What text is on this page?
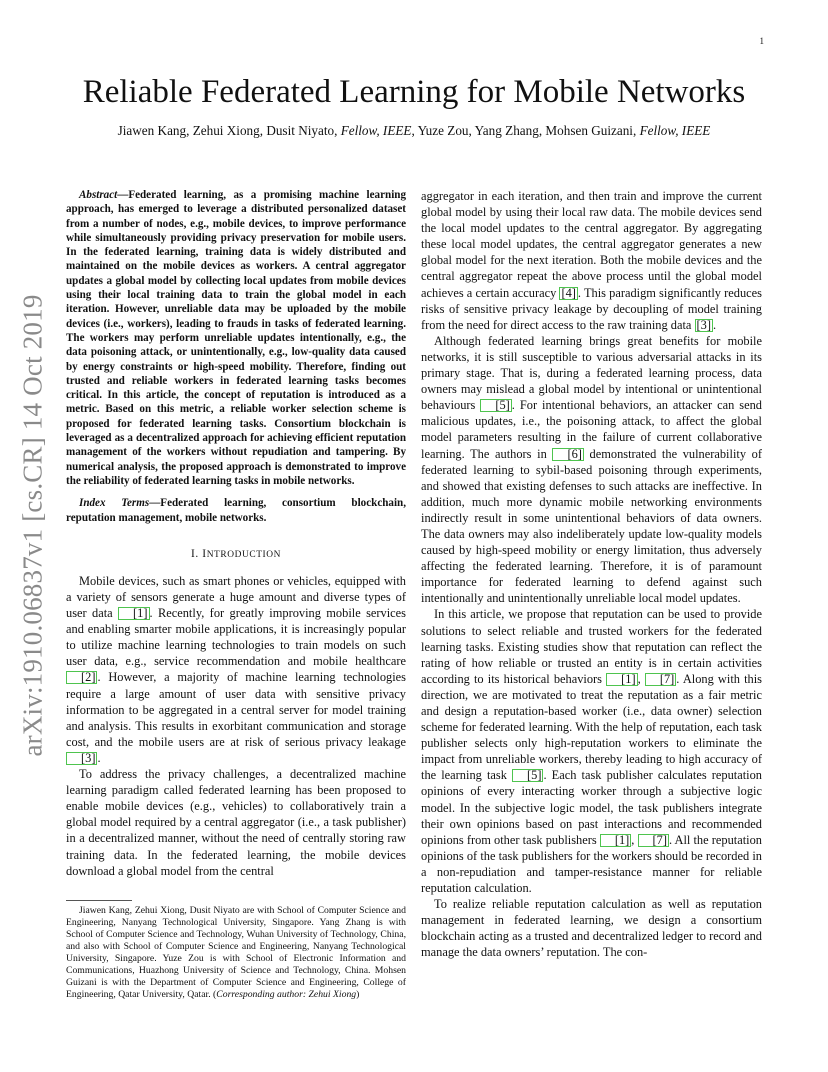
1
arXiv:1910.06837v1 [cs.CR] 14 Oct 2019
Reliable Federated Learning for Mobile Networks
Jiawen Kang, Zehui Xiong, Dusit Niyato, Fellow, IEEE, Yuze Zou, Yang Zhang, Mohsen Guizani, Fellow, IEEE

Abstract—Federated learning, as a promising machine learning approach, has emerged to leverage a distributed personalized dataset from a number of nodes, e.g., mobile devices, to improve performance while simultaneously providing privacy preservation for mobile users. In the federated learning, training data is widely distributed and maintained on the mobile devices as workers. A central aggregator updates a global model by collecting local updates from mobile devices using their local training data to train the global model in each iteration. However, unreliable data may be uploaded by the mobile devices (i.e., workers), leading to frauds in tasks of federated learning. The workers may perform unreliable updates intentionally, e.g., the data poisoning attack, or unintentionally, e.g., low-quality data caused by energy constraints or high-speed mobility. Therefore, finding out trusted and reliable workers in federated learning tasks becomes critical. In this article, the concept of reputation is introduced as a metric. Based on this metric, a reliable worker selection scheme is proposed for federated learning tasks. Consortium blockchain is leveraged as a decentralized approach for achieving efficient reputation management of the workers without repudiation and tampering. By numerical analysis, the proposed approach is demonstrated to improve the reliability of federated learning tasks in mobile networks.

Index Terms—Federated learning, consortium blockchain, reputation management, mobile networks.

I. INTRODUCTION

Mobile devices, such as smart phones or vehicles, equipped with a variety of sensors generate a huge amount and diverse types of user data [1] . Recently, for greatly improving mobile services and enabling smarter mobile applications, it is increasingly popular to utilize machine learning technologies to train models on such user data, e.g., service recommendation and mobile healthcare [2] . However, a majority of machine learning technologies require a large amount of user data with sensitive privacy information to be aggregated in a central server for model training and analysis. This results in exorbitant communication and storage cost, and the mobile users are at risk of serious privacy leakage [3] .

To address the privacy challenges, a decentralized machine learning paradigm called federated learning has been proposed to enable mobile devices (e.g., vehicles) to collaboratively train a global model required by a central aggregator (i.e., a task publisher) in a decentralized manner, without the need of centrally storing raw training data. In the federated learning, the mobile devices download a global model from the central

Jiawen Kang, Zehui Xiong, Dusit Niyato are with School of Computer Science and Engineering, Nanyang Technological University, Singapore. Yang Zhang is with School of Computer Science and Technology, Wuhan University of Technology, China, and also with School of Computer Science and Engineering, Nanyang Technological University, Singapore. Yuze Zou is with School of Electronic Information and Communications, Huazhong University of Science and Technology, China. Mohsen Guizani is with the Department of Computer Science and Engineering, College of Engineering, Qatar University, Qatar. (Corresponding author: Zehui Xiong)

aggregator in each iteration, and then train and improve the current global model by using their local raw data. The mobile devices send the local model updates to the central aggregator. By aggregating these local model updates, the central aggregator generates a new global model for the next iteration. Both the mobile devices and the central aggregator repeat the above process until the global model achieves a certain accuracy [4] . This paradigm significantly reduces risks of sensitive privacy leakage by decoupling of model training from the need for direct access to the raw training data [3] .

Although federated learning brings great benefits for mobile networks, it is still susceptible to various adversarial attacks in its primary stage. That is, during a federated learning process, data owners may mislead a global model by intentional or unintentional behaviours [5] . For intentional behaviors, an attacker can send malicious updates, i.e., the poisoning attack, to affect the global model parameters resulting in the failure of current collaborative learning. The authors in [6] demonstrated the vulnerability of federated learning to sybil-based poisoning through experiments, and showed that existing defenses to such attacks are ineffective. In addition, much more dynamic mobile networking environments indirectly result in some unintentional behaviors of data owners. The data owners may also indeliberately update low-quality models caused by high-speed mobility or energy limitation, thus adversely affecting the federated learning. Therefore, it is of paramount importance for federated learning to defend against such intentionally and unintentionally unreliable local model updates.

In this article, we propose that reputation can be used to provide solutions to select reliable and trusted workers for the federated learning tasks. Existing studies show that reputation can reflect the rating of how reliable or trusted an entity is in certain activities according to its historical behaviors [1] , [7] . Along with this direction, we are motivated to treat the reputation as a fair metric and design a reputation-based worker (i.e., data owner) selection scheme for federated learning. With the help of reputation, each task publisher selects only high-reputation workers to eliminate the impact from unreliable workers, thereby leading to high accuracy of the learning task [5] . Each task publisher calculates reputation opinions of every interacting worker through a subjective logic model. In the subjective logic model, the task publishers integrate their own opinions based on past interactions and recommended opinions from other task publishers [1] , [7] . All the reputation opinions of the task publishers for the workers should be recorded in a non-repudiation and tamper-resistance manner for reliable reputation calculation.

To realize reliable reputation calculation as well as reputation management in federated learning, we design a consortium blockchain acting as a trusted and decentralized ledger to record and manage the data owners’ reputation. The con-
